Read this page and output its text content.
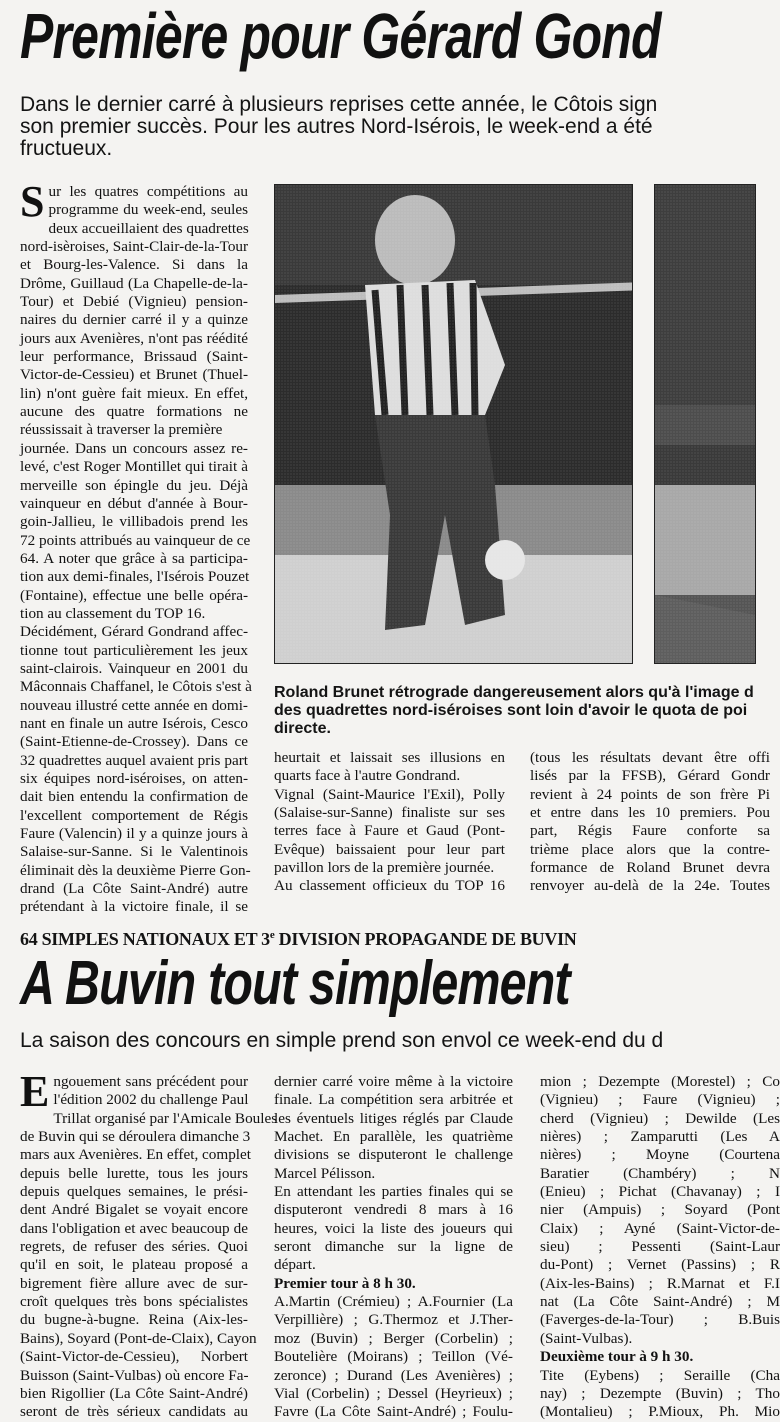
Première pour Gérard Gond
Dans le dernier carré à plusieurs reprises cette année, le Côtois sign
son premier succès. Pour les autres Nord-Isérois, le week-end a été
fructueux.
S ur les quatres compétitions au
programme du week-end, seules
deux accueillaient des quadrettes
nord-isèroises, Saint-Clair-de-la-Tour
et Bourg-les-Valence. Si dans la
Drôme, Guillaud (La Chapelle-de-la-
Tour) et Debié (Vignieu) pension-
naires du dernier carré il y a quinze
jours aux Avenières, n'ont pas réédité
leur performance, Brissaud (Saint-
Victor-de-Cessieu) et Brunet (Thuel-
lin) n'ont guère fait mieux. En effet,
aucune des quatre formations ne
réussissait à traverser la première
journée. Dans un concours assez re-
levé, c'est Roger Montillet qui tirait à
merveille son épingle du jeu. Déjà
vainqueur en début d'année à Bour-
goin-Jallieu, le villibadois prend les
72 points attribués au vainqueur de ce
64. A noter que grâce à sa participa-
tion aux demi-finales, l'Isérois Pouzet
(Fontaine), effectue une belle opéra-
tion au classement du TOP 16.
Décidément, Gérard Gondrand affec-
tionne tout particulièrement les jeux
saint-clairois. Vainqueur en 2001 du
Mâconnais Chaffanel, le Côtois s'est à
nouveau illustré cette année en domi-
nant en finale un autre Isérois, Cesco
(Saint-Etienne-de-Crossey). Dans ce
32 quadrettes auquel avaient pris part
six équipes nord-iséroises, on atten-
dait bien entendu la confirmation de
l'excellent comportement de Régis
Faure (Valencin) il y a quinze jours à
Salaise-sur-Sanne. Si le Valentinois
éliminait dès la deuxième Pierre Gon-
drand (La Côte Saint-André) autre
prétendant à la victoire finale, il se
Roland Brunet rétrograde dangereusement alors qu'à l'image d
des quadrettes nord-iséroises sont loin d'avoir le quota de poi
directe.
heurtait et laissait ses illusions en
quarts face à l'autre Gondrand.
Vignal (Saint-Maurice l'Exil), Polly
(Salaise-sur-Sanne) finaliste sur ses
terres face à Faure et Gaud (Pont-
Evêque) baissaient pour leur part
pavillon lors de la première journée.
Au classement officieux du TOP 16
(tous les résultats devant être offi
lisés par la FFSB), Gérard Gondr
revient à 24 points de son frère Pi
et entre dans les 10 premiers. Pou
part, Régis Faure conforte sa
trième place alors que la contre-
formance de Roland Brunet devra
renvoyer au-delà de la 24e. Toutes
64 SIMPLES NATIONAUX ET 3e DIVISION PROPAGANDE DE BUVIN
A Buvin tout simplement
La saison des concours en simple prend son envol ce week-end du d
E ngouement sans précédent pour
l'édition 2002 du challenge Paul
Trillat organisé par l'Amicale Boules
de Buvin qui se déroulera dimanche 3
mars aux Avenières. En effet, complet
depuis belle lurette, tous les jours
depuis quelques semaines, le prési-
dent André Bigalet se voyait encore
dans l'obligation et avec beaucoup de
regrets, de refuser des séries. Quoi
qu'il en soit, le plateau proposé a
bigrement fière allure avec de sur-
croît quelques très bons spécialistes
du bugne-à-bugne. Reina (Aix-les-
Bains), Soyard (Pont-de-Claix), Cayon
(Saint-Victor-de-Cessieu), Norbert
Buisson (Saint-Vulbas) où encore Fa-
bien Rigollier (La Côte Saint-André)
seront de très sérieux candidats au
dernier carré voire même à la victoire
finale. La compétition sera arbitrée et
les éventuels litiges réglés par Claude
Machet. En parallèle, les quatrième
divisions se disputeront le challenge
Marcel Pélisson.
En attendant les parties finales qui se
disputeront vendredi 8 mars à 16
heures, voici la liste des joueurs qui
seront dimanche sur la ligne de
départ.
Premier tour à 8 h 30.
A.Martin (Crémieu) ; A.Fournier (La
Verpillière) ; G.Thermoz et J.Ther-
moz (Buvin) ; Berger (Corbelin) ;
Boutelière (Moirans) ; Teillon (Vé-
zeronce) ; Durand (Les Avenières) ;
Vial (Corbelin) ; Dessel (Heyrieux) ;
Favre (La Côte Saint-André) ; Foulu-
mion ; Dezempte (Morestel) ; Co
(Vignieu) ; Faure (Vignieu) ;
cherd (Vignieu) ; Dewilde (Les
nières) ; Zamparutti (Les A
nières) ; Moyne (Courtena
Baratier (Chambéry) ; N
(Enieu) ; Pichat (Chavanay) ; I
nier (Ampuis) ; Soyard (Pont
Claix) ; Ayné (Saint-Victor-de-
sieu) ; Pessenti (Saint-Laur
du-Pont) ; Vernet (Passins) ; R
(Aix-les-Bains) ; R.Marnat et F.I
nat (La Côte Saint-André) ; M
(Faverges-de-la-Tour) ; B.Buis
(Saint-Vulbas).
Deuxième tour à 9 h 30.
Tite (Eybens) ; Seraille (Cha
nay) ; Dezempte (Buvin) ; Tho
(Montalieu) ; P.Mioux, Ph. Mio
